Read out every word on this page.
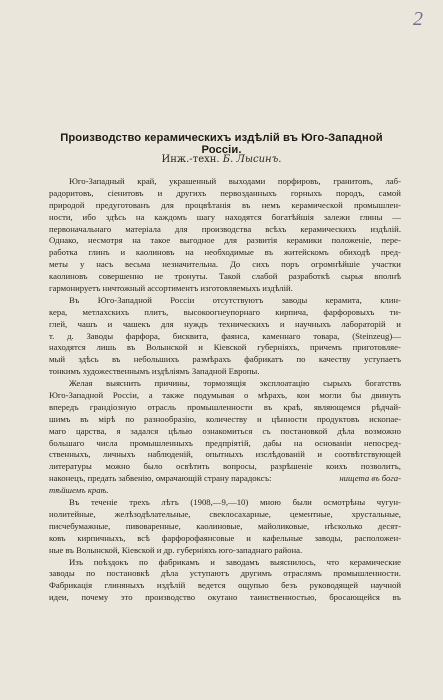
2
Производство керамическихъ издѣлій въ Юго-Западной Россіи.
Инж.-техн. Б. Лысинъ.
Юго-Западный край, украшенный выходами порфировъ, гранитовъ, лаб-
радоритовъ, сіенитовъ и другихъ первозданныхъ горныхъ породъ, самой
природой предуготованъ для процвѣтанія въ немъ керамической промышлен-
ности, ибо здѣсь на каждомъ шагу находятся богатѣйшія залежи глины —
первоначальнаго матеріала для производства всѣхъ керамическихъ издѣлій.
Однако, несмотря на такое выгодное для развитія керамики положеніе, пере-
работка глинъ и каолиновъ на необходимые въ житейскомъ обиходѣ пред-
меты у насъ весьма незначительна. До сихъ поръ огромнѣйшіе участки
каолиновъ совершенно не тронуты. Такой слабой разработкѣ сырья вполнѣ
гармонируетъ ничтожный ассортиментъ изготовляемыхъ издѣлій.
Въ Юго-Западной Россіи отсутствуютъ заводы керамита, клин-
кера, метлахскихъ плитъ, высокоогнеупорнаго кирпича, фарфоровыхъ ти-
глей, чашъ и чашекъ для нуждъ техническихъ и научныхъ лабораторій и
т. д. Заводы фарфора, бисквита, фаянса, каменнаго товара, (Steinzeug)—
находятся лишь въ Волынской и Кіевской губерніяхъ, причемъ приготовляе-
мый здѣсь въ небольшихъ размѣрахъ фабрикатъ по качеству уступаетъ
тонкимъ художественнымъ издѣліямъ Западной Европы.
Желая выяснить причины, тормозящія эксплоатацію сырыхъ богатствъ
Юго-Западной Россіи, а также подумывая о мѣрахъ, кои могли бы двинуть
впередъ грандіозную отрасль промышленности въ краѣ, являющемся рѣдчай-
шимъ въ мірѣ по разнообразію, количеству и цѣнности продуктовъ ископае-
маго царства, я задался цѣлью ознакомиться съ постановкой дѣла возможно
большаго числа промышленныхъ предпріятій, дабы на основаніи непосред-
ственныхъ, личныхъ наблюденій, опытныхъ изслѣдованій и соотвѣтствующей
литературы можно было освѣтить вопросы, разрѣшеніе коихъ позволитъ,
наконецъ, предать забвенію, омрачающій страну парадоксъ:	нищета въ бога-
тѣйшемъ краѣ.
Въ теченіе трехъ лѣтъ (1908,—9,—10) мною были осмотрѣны чугун-
нолитейные, желѣзодѣлательные, свеклосахарные, цементные, хрустальные,
писчебумажные, пивоваренные, каолиновые, майоликовые, нѣсколько десят-
ковъ кирпичныхъ, всѣ фарфорофаянсовые и кафельные заводы, расположен-
ные въ Волынской, Кіевской и др. губерніяхъ юго-западнаго района.
Изъ поѣздокъ по фабрикамъ и заводамъ выяснилось, что керамические
заводы по постановкѣ дѣла уступаютъ другимъ отраслямъ промышленности.
Фабрикація глиняныхъ издѣлій ведется ощупью безъ руководящей научной
идеи, почему это производство окутано таинственностью, бросающейся въ
